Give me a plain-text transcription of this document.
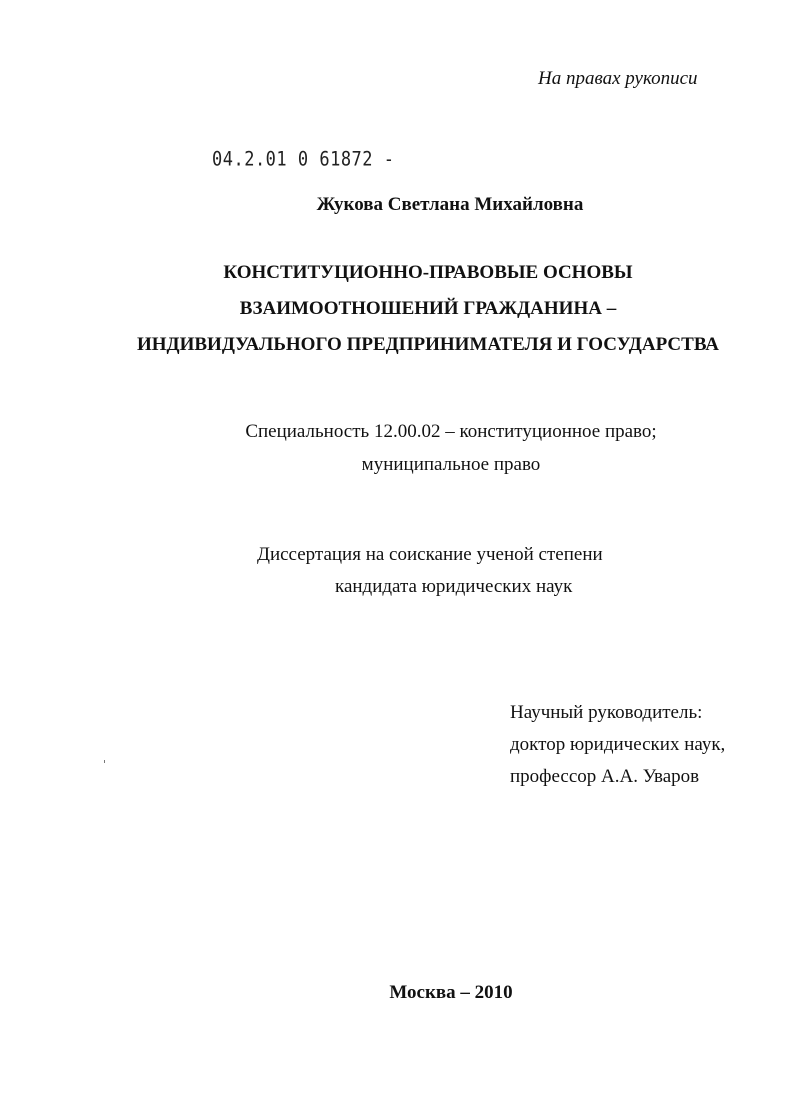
На правах рукописи
04.2.01 0 61872 -
Жукова Светлана Михайловна
КОНСТИТУЦИОННО-ПРАВОВЫЕ ОСНОВЫ
ВЗАИМООТНОШЕНИЙ ГРАЖДАНИНА –
ИНДИВИДУАЛЬНОГО ПРЕДПРИНИМАТЕЛЯ И ГОСУДАРСТВА
Специальность 12.00.02 – конституционное право;
муниципальное право
Диссертация на соискание ученой степени
кандидата юридических наук
Научный руководитель:
доктор юридических наук,
профессор А.А. Уваров
Москва – 2010
